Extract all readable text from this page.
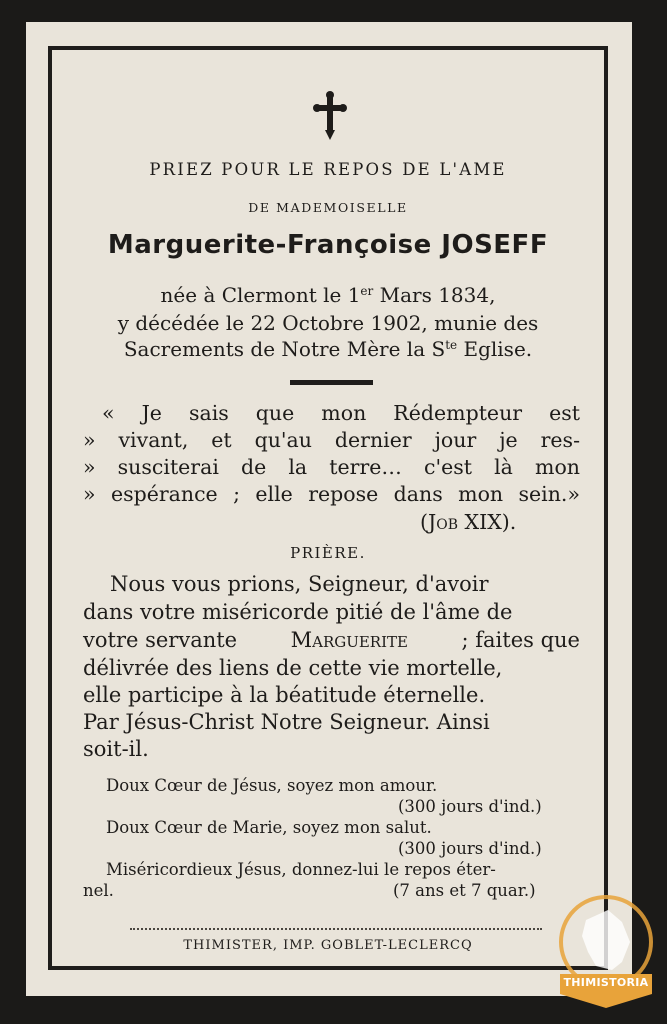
PRIEZ POUR LE REPOS DE L'AME
DE MADEMOISELLE
Marguerite-Françoise JOSEFF
née à Clermont le 1er Mars 1834,
y décédée le 22 Octobre 1902, munie des
Sacrements de Notre Mère la $S^{te}$ Eglise.
« Je sais que mon Rédempteur est
» vivant, et qu'au dernier jour je res-
» susciterai de la terre… c'est là mon
» espérance ; elle repose dans mon sein.»
(Job XIX).
PRIÈRE.
Nous vous prions, Seigneur, d'avoir
dans votre miséricorde pitié de l'âme de
votre servante	Marguerite	; faites que
délivrée des liens de cette vie mortelle,
elle participe à la béatitude éternelle.
Par Jésus-Christ Notre Seigneur. Ainsi
soit-il.
Doux Cœur de Jésus, soyez mon amour.
(300 jours d'ind.)
Doux Cœur de Marie, soyez mon salut.
(300 jours d'ind.)
Miséricordieux Jésus, donnez-lui le repos éter-
nel.	(7 ans et 7 quar.)
THIMISTER, IMP. GOBLET-LECLERCQ
THIMISTORIA
